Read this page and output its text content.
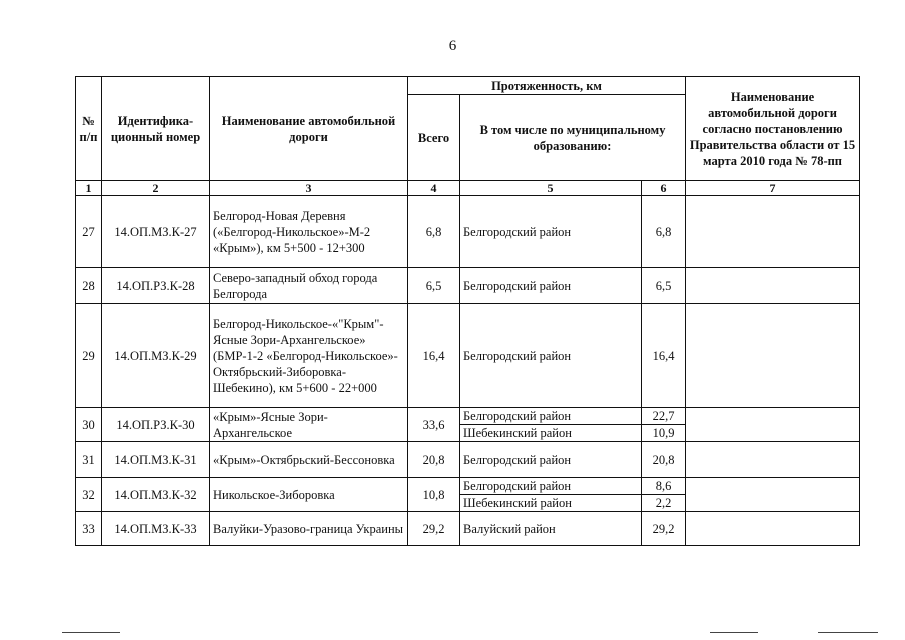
6
№ п/п	Идентифика-ционный номер	Наименование автомобильной дороги	Протяженность, км			Наименование автомобильной дороги согласно постановлению Правительства области от 15 марта 2010 года № 78-пп
			Всего	В том числе по муниципальному образованию:		
1	2	3	4	5	6	7
27	14.ОП.МЗ.К-27	Белгород-Новая Деревня («Белгород-Никольское»-М-2 «Крым»), км 5+500 - 12+300	6,8	Белгородский район	6,8	
28	14.ОП.РЗ.К-28	Северо-западный обход города Белгорода	6,5	Белгородский район	6,5	
29	14.ОП.МЗ.К-29	Белгород-Никольское-«"Крым"-Ясные Зори-Архангельское» (БМР-1-2 «Белгород-Никольское»-Октябрьский-Зиборовка-Шебекино), км 5+600 - 22+000	16,4	Белгородский район	16,4	
30	14.ОП.РЗ.К-30	«Крым»-Ясные Зори-Архангельское	33,6	Белгородский район	22,7	
				Шебекинский район	10,9	
31	14.ОП.МЗ.К-31	«Крым»-Октябрьский-Бессоновка	20,8	Белгородский район	20,8	
32	14.ОП.МЗ.К-32	Никольское-Зиборовка	10,8	Белгородский район	8,6	
				Шебекинский район	2,2	
33	14.ОП.МЗ.К-33	Валуйки-Уразово-граница Украины	29,2	Валуйский район	29,2	
